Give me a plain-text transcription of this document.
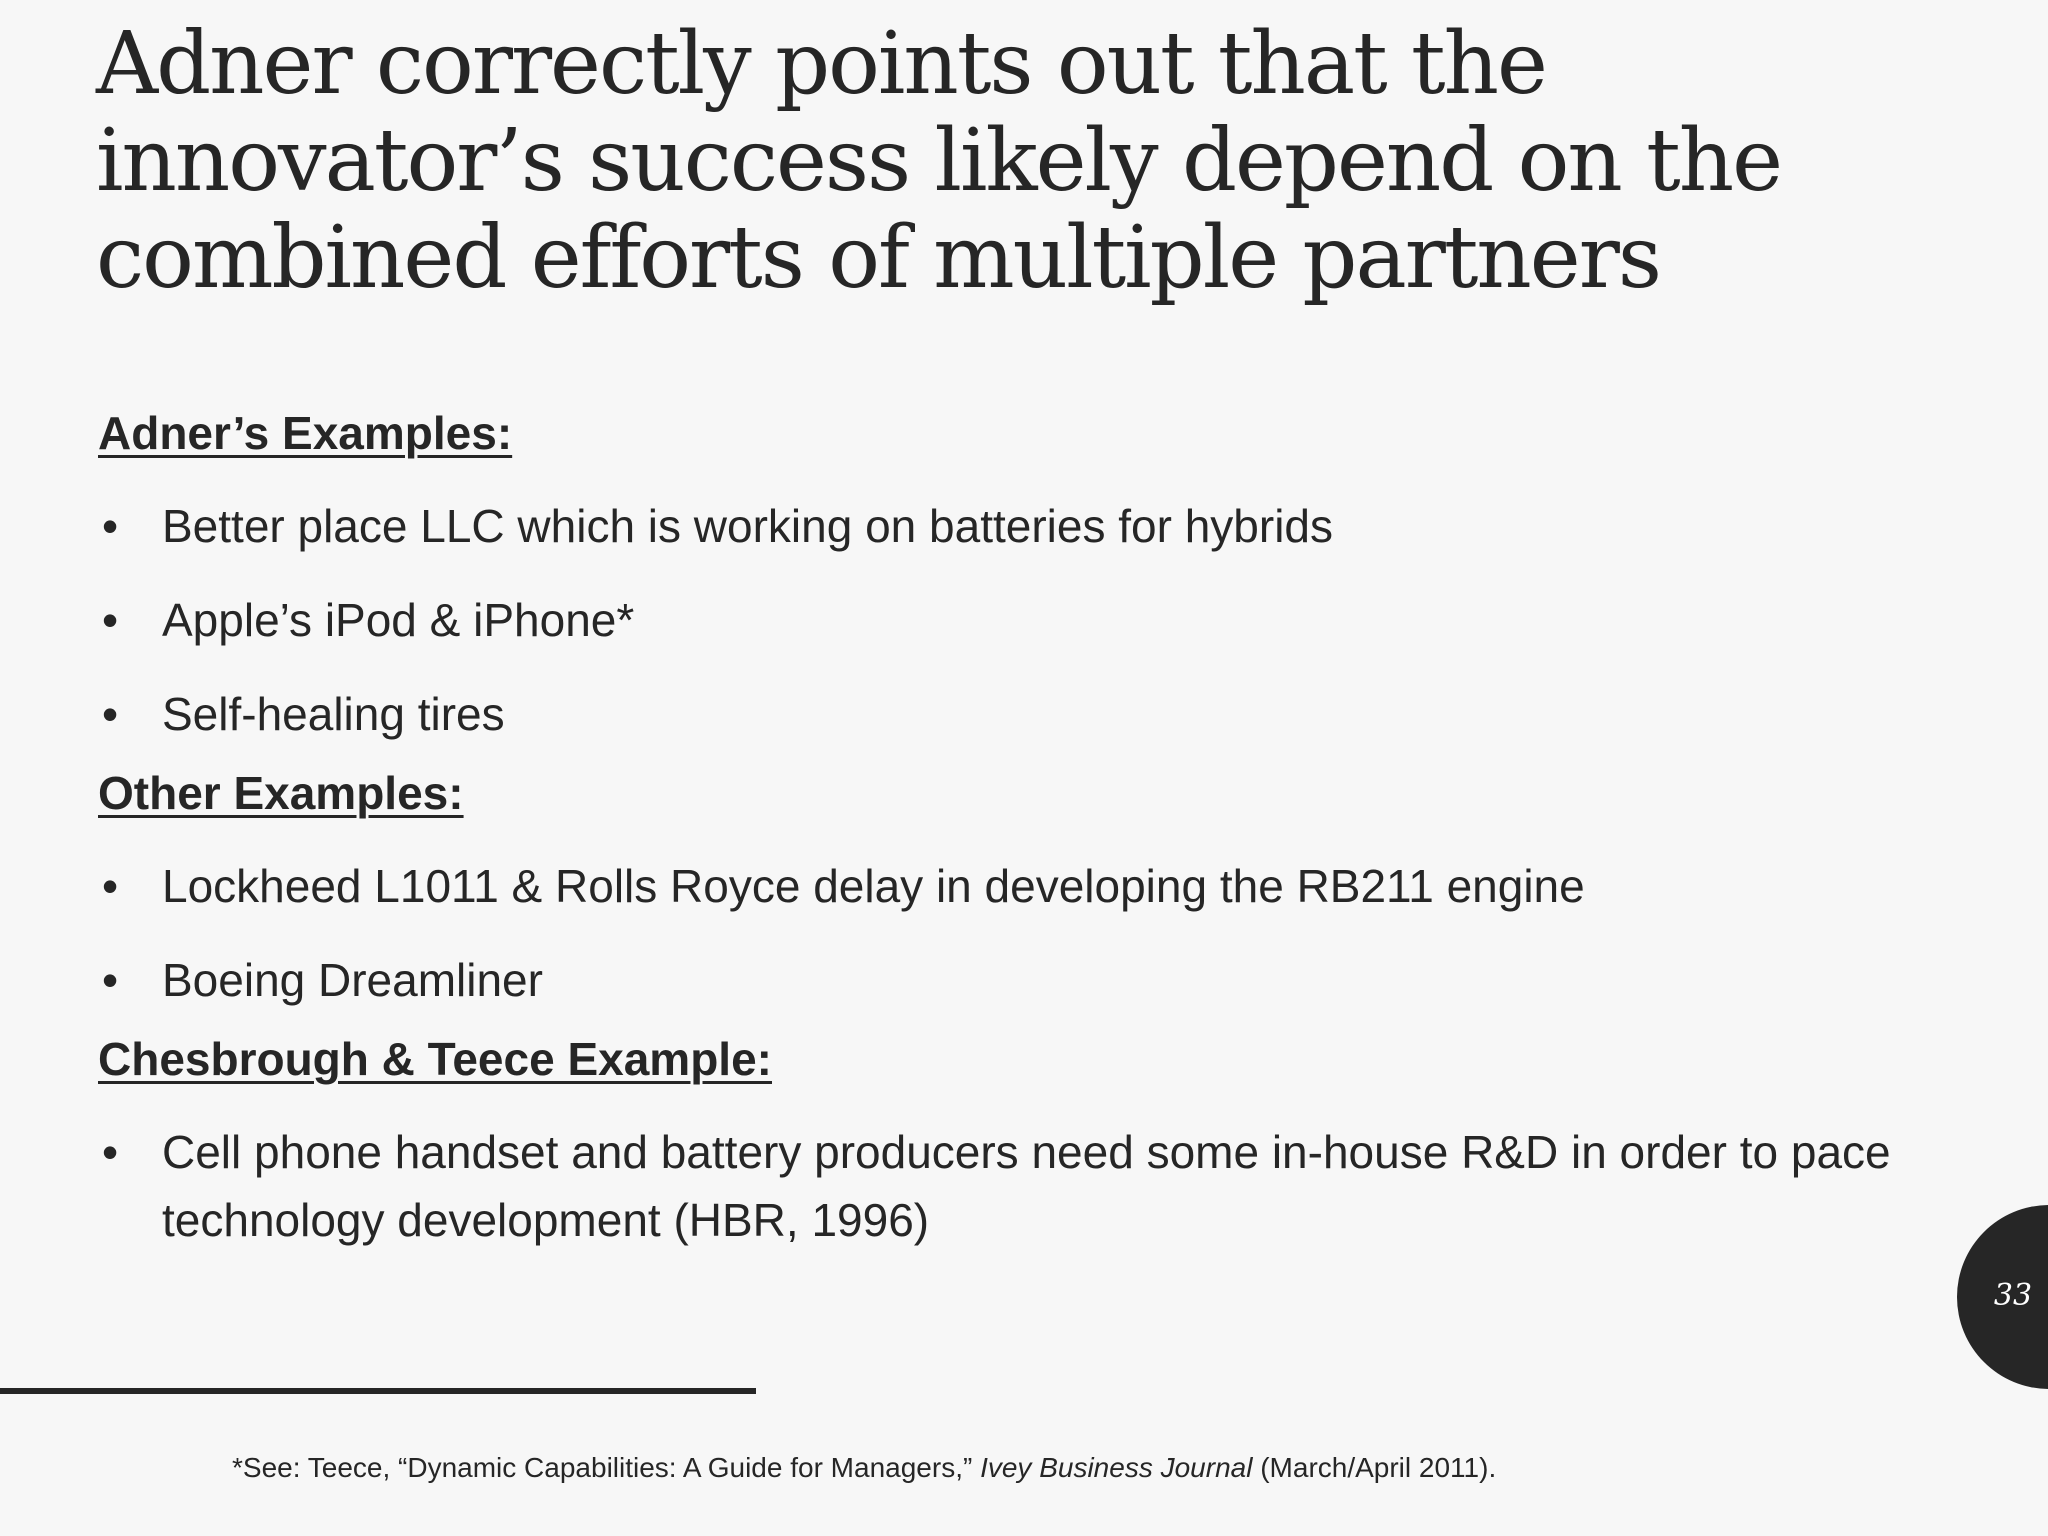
Adner correctly points out that the innovator’s success likely depend on the combined efforts of multiple partners
Adner’s Examples:
• Better place LLC which is working on batteries for hybrids
• Apple’s iPod & iPhone*
• Self-healing tires
Other Examples:
• Lockheed L1011 & Rolls Royce delay in developing the RB211 engine
• Boeing Dreamliner
Chesbrough & Teece Example:
• Cell phone handset and battery producers need some in-house R&D in order to pace technology development (HBR, 1996)
33
*See: Teece, “Dynamic Capabilities: A Guide for Managers,” Ivey Business Journal (March/April 2011).
